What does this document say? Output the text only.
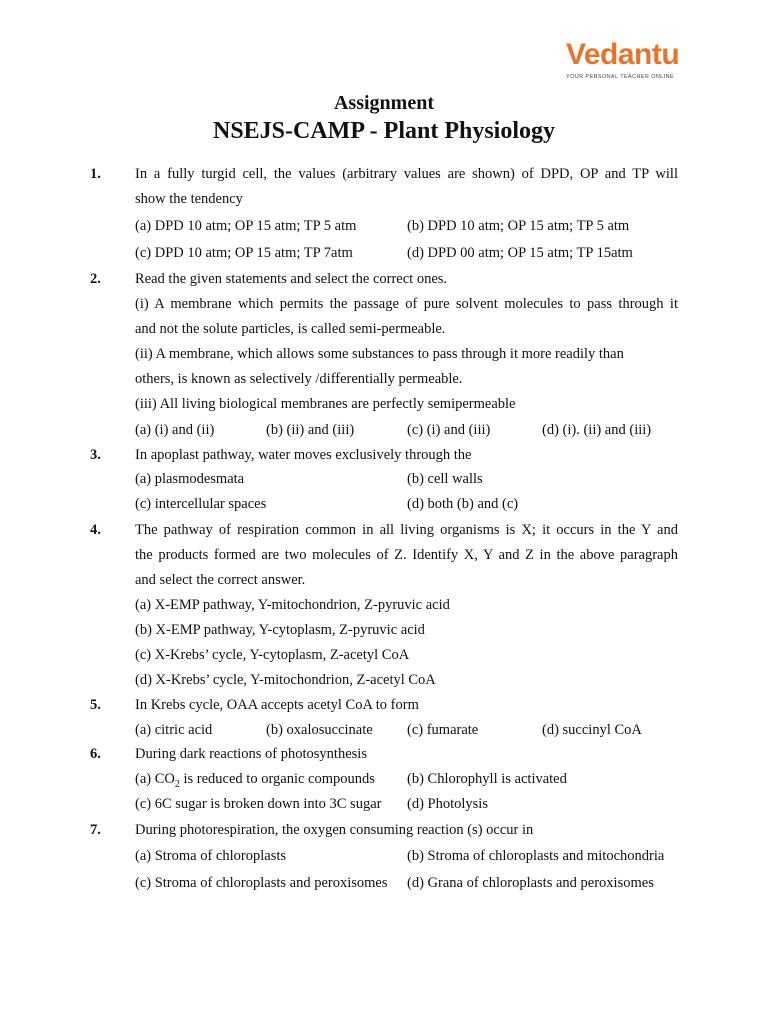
Vedantu
YOUR PERSONAL TEACHER ONLINE
Assignment
NSEJS-CAMP - Plant Physiology
1. In a fully turgid cell, the values (arbitrary values are shown) of DPD, OP and TP will
show the tendency
(a) DPD 10 atm; OP 15 atm; TP 5 atm	(b) DPD 10 atm; OP 15 atm; TP 5 atm
(c) DPD 10 atm; OP 15 atm; TP 7atm	(d) DPD 00 atm; OP 15 atm; TP 15atm
2. Read the given statements and select the correct ones.
(i) A membrane which permits the passage of pure solvent molecules to pass through it
and not the solute particles, is called semi-permeable.
(ii) A membrane, which allows some substances to pass through it more readily than
others, is known as selectively /differentially permeable.
(iii) All living biological membranes are perfectly semipermeable
(a) (i) and (ii)	(b) (ii) and (iii)	(c) (i) and (iii)	(d) (i). (ii) and (iii)
3. In apoplast pathway, water moves exclusively through the
(a) plasmodesmata	(b) cell walls
(c) intercellular spaces	(d) both (b) and (c)
4. The pathway of respiration common in all living organisms is X; it occurs in the Y and
the products formed are two molecules of Z. Identify X, Y and Z in the above paragraph
and select the correct answer.
(a) X-EMP pathway, Y-mitochondrion, Z-pyruvic acid
(b) X-EMP pathway, Y-cytoplasm, Z-pyruvic acid
(c) X-Krebs’ cycle, Y-cytoplasm, Z-acetyl CoA
(d) X-Krebs’ cycle, Y-mitochondrion, Z-acetyl CoA
5. In Krebs cycle, OAA accepts acetyl CoA to form
(a) citric acid	(b) oxalosuccinate (c) fumarate	(d) succinyl CoA
6. During dark reactions of photosynthesis
(a) $CO_2$ is reduced to organic compounds (b) Chlorophyll is activated
(c) 6C sugar is broken down into 3C sugar (d) Photolysis
7. During photorespiration, the oxygen consuming reaction (s) occur in
(a) Stroma of chloroplasts	(b) Stroma of chloroplasts and mitochondria
(c) Stroma of chloroplasts and peroxisomes (d) Grana of chloroplasts and peroxisomes
